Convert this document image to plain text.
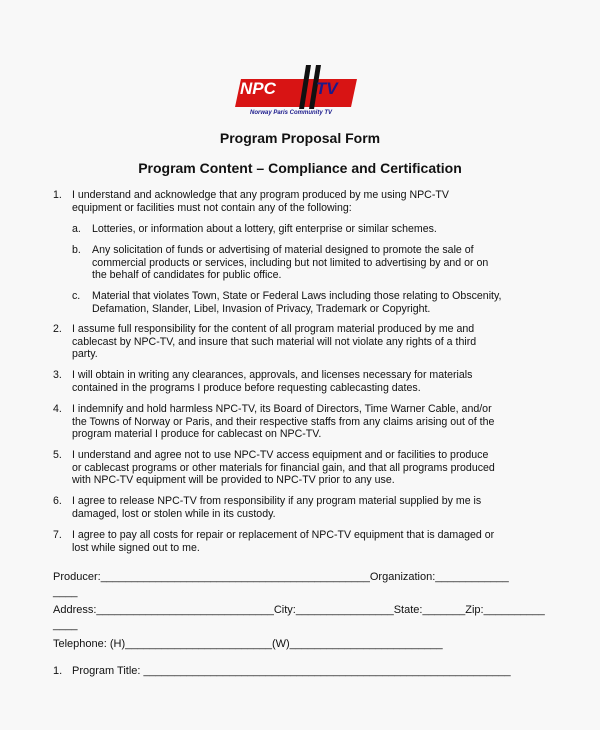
NPC TV
Norway Paris Community TV
Program Proposal Form
Program Content – Compliance and Certification
1. I understand and acknowledge that any program produced by me using NPC-TV
equipment or facilities must not contain any of the following:
a. Lotteries, or information about a lottery, gift enterprise or similar schemes.
b. Any solicitation of funds or advertising of material designed to promote the sale of
commercial products or services, including but not limited to advertising by and or on
the behalf of candidates for public office.
c. Material that violates Town, State or Federal Laws including those relating to Obscenity,
Defamation, Slander, Libel, Invasion of Privacy, Trademark or Copyright.
2. I assume full responsibility for the content of all program material produced by me and
cablecast by NPC-TV, and insure that such material will not violate any rights of a third
party.
3. I will obtain in writing any clearances, approvals, and licenses necessary for materials
contained in the programs I produce before requesting cablecasting dates.
4. I indemnify and hold harmless NPC-TV, its Board of Directors, Time Warner Cable, and/or
the Towns of Norway or Paris, and their respective staffs from any claims arising out of the
program material I produce for cablecast on NPC-TV.
5. I understand and agree not to use NPC-TV access equipment and or facilities to produce
or cablecast programs or other materials for financial gain, and that all programs produced
with NPC-TV equipment will be provided to NPC-TV prior to any use.
6. I agree to release NPC-TV from responsibility if any program material supplied by me is
damaged, lost or stolen while in its custody.
7. I agree to pay all costs for repair or replacement of NPC-TV equipment that is damaged or
lost while signed out to me.
Producer:____________________________________________Organization:____________
____
Address:_____________________________City:________________State:_______Zip:__________
____
Telephone: (H)________________________(W)_________________________
1. Program Title: ____________________________________________________________
